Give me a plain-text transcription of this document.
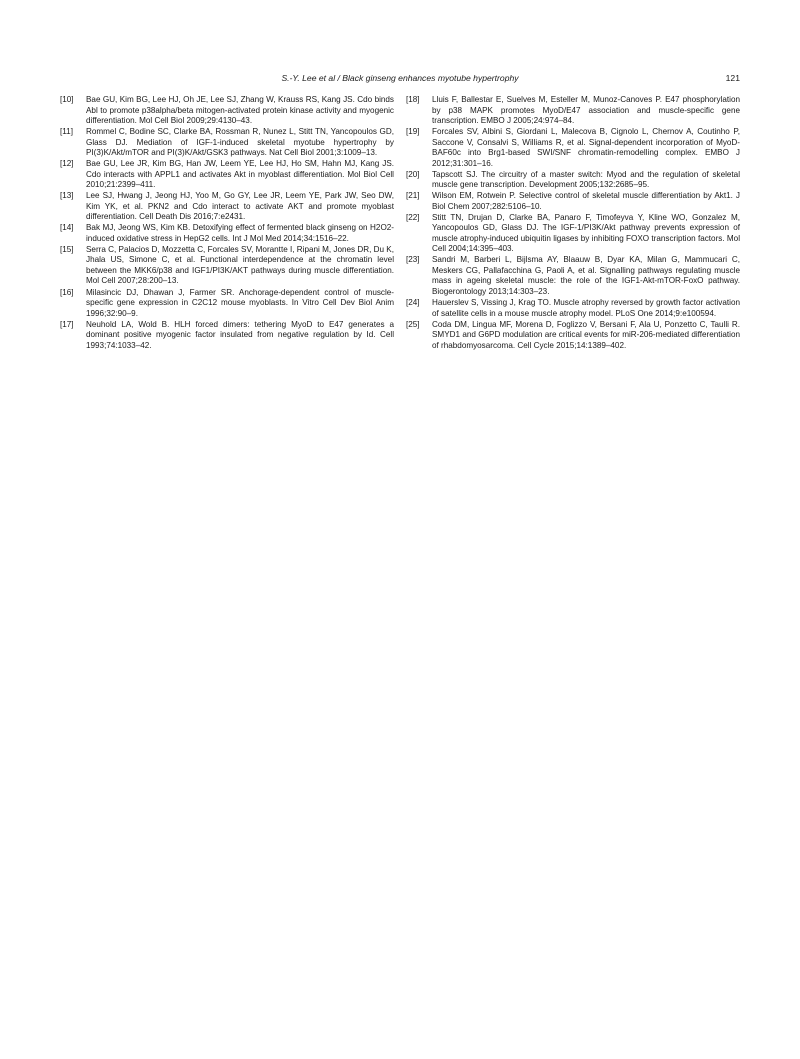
S.-Y. Lee et al / Black ginseng enhances myotube hypertrophy	121
[10]	Bae GU, Kim BG, Lee HJ, Oh JE, Lee SJ, Zhang W, Krauss RS, Kang JS. Cdo binds Abl to promote p38alpha/beta mitogen-activated protein kinase activity and myogenic differentiation. Mol Cell Biol 2009;29:4130–43.
[11]	Rommel C, Bodine SC, Clarke BA, Rossman R, Nunez L, Stitt TN, Yancopoulos GD, Glass DJ. Mediation of IGF-1-induced skeletal myotube hypertrophy by PI(3)K/Akt/mTOR and PI(3)K/Akt/GSK3 pathways. Nat Cell Biol 2001;3:1009–13.
[12]	Bae GU, Lee JR, Kim BG, Han JW, Leem YE, Lee HJ, Ho SM, Hahn MJ, Kang JS. Cdo interacts with APPL1 and activates Akt in myoblast differentiation. Mol Biol Cell 2010;21:2399–411.
[13]	Lee SJ, Hwang J, Jeong HJ, Yoo M, Go GY, Lee JR, Leem YE, Park JW, Seo DW, Kim YK, et al. PKN2 and Cdo interact to activate AKT and promote myoblast differentiation. Cell Death Dis 2016;7:e2431.
[14]	Bak MJ, Jeong WS, Kim KB. Detoxifying effect of fermented black ginseng on H2O2-induced oxidative stress in HepG2 cells. Int J Mol Med 2014;34:1516–22.
[15]	Serra C, Palacios D, Mozzetta C, Forcales SV, Morantte I, Ripani M, Jones DR, Du K, Jhala US, Simone C, et al. Functional interdependence at the chromatin level between the MKK6/p38 and IGF1/PI3K/AKT pathways during muscle differentiation. Mol Cell 2007;28:200–13.
[16]	Milasincic DJ, Dhawan J, Farmer SR. Anchorage-dependent control of muscle-specific gene expression in C2C12 mouse myoblasts. In Vitro Cell Dev Biol Anim 1996;32:90–9.
[17]	Neuhold LA, Wold B. HLH forced dimers: tethering MyoD to E47 generates a dominant positive myogenic factor insulated from negative regulation by Id. Cell 1993;74:1033–42.
[18]	Lluis F, Ballestar E, Suelves M, Esteller M, Munoz-Canoves P. E47 phosphorylation by p38 MAPK promotes MyoD/E47 association and muscle-specific gene transcription. EMBO J 2005;24:974–84.
[19]	Forcales SV, Albini S, Giordani L, Malecova B, Cignolo L, Chernov A, Coutinho P, Saccone V, Consalvi S, Williams R, et al. Signal-dependent incorporation of MyoD-BAF60c into Brg1-based SWI/SNF chromatin-remodelling complex. EMBO J 2012;31:301–16.
[20]	Tapscott SJ. The circuitry of a master switch: Myod and the regulation of skeletal muscle gene transcription. Development 2005;132:2685–95.
[21]	Wilson EM, Rotwein P. Selective control of skeletal muscle differentiation by Akt1. J Biol Chem 2007;282:5106–10.
[22]	Stitt TN, Drujan D, Clarke BA, Panaro F, Timofeyva Y, Kline WO, Gonzalez M, Yancopoulos GD, Glass DJ. The IGF-1/PI3K/Akt pathway prevents expression of muscle atrophy-induced ubiquitin ligases by inhibiting FOXO transcription factors. Mol Cell 2004;14:395–403.
[23]	Sandri M, Barberi L, Bijlsma AY, Blaauw B, Dyar KA, Milan G, Mammucari C, Meskers CG, Pallafacchina G, Paoli A, et al. Signalling pathways regulating muscle mass in ageing skeletal muscle: the role of the IGF1-Akt-mTOR-FoxO pathway. Biogerontology 2013;14:303–23.
[24]	Hauerslev S, Vissing J, Krag TO. Muscle atrophy reversed by growth factor activation of satellite cells in a mouse muscle atrophy model. PLoS One 2014;9:e100594.
[25]	Coda DM, Lingua MF, Morena D, Foglizzo V, Bersani F, Ala U, Ponzetto C, Taulli R. SMYD1 and G6PD modulation are critical events for miR-206-mediated differentiation of rhabdomyosarcoma. Cell Cycle 2015;14:1389–402.
